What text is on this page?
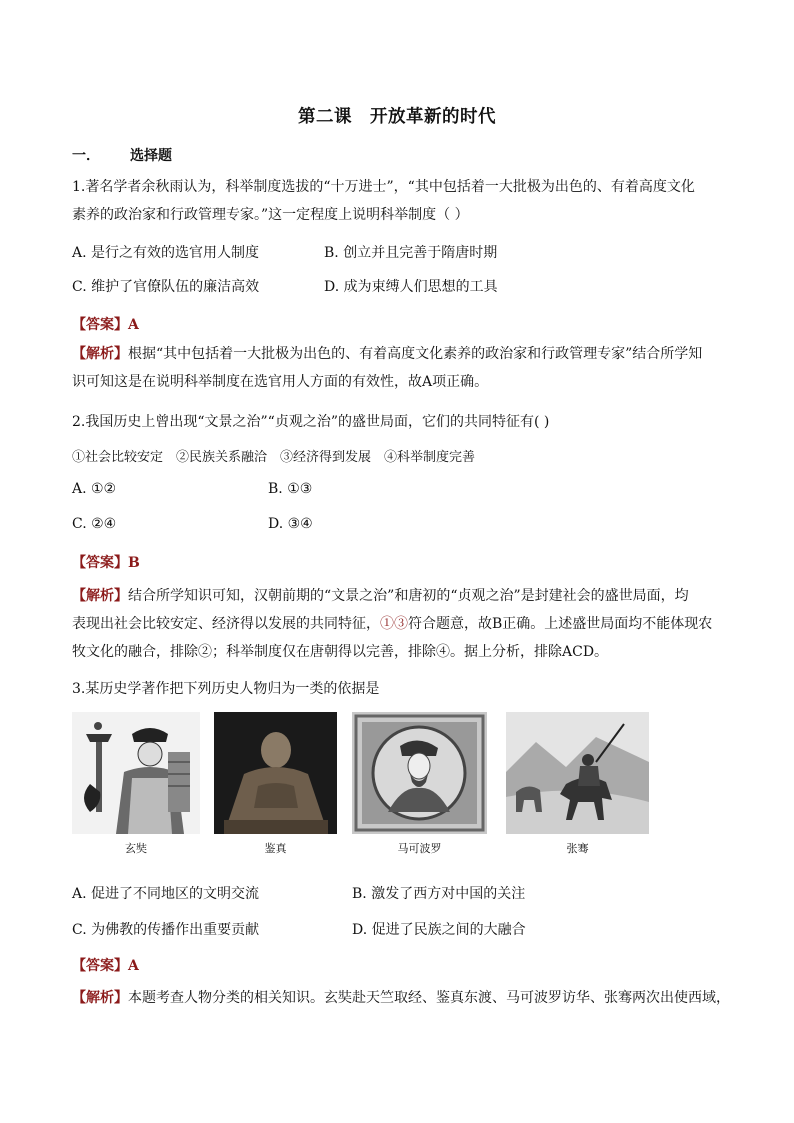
第二课　开放革新的时代
一． 选择题
1.著名学者余秋雨认为，科举制度选拔的“十万进士”，“其中包括着一大批极为出色的、有着高度文化
素养的政治家和行政管理专家。”这一定程度上说明科举制度（ ）
A. 是行之有效的选官用人制度	B. 创立并且完善于隋唐时期
C. 维护了官僚队伍的廉洁高效	D. 成为束缚人们思想的工具
【答案】A
【解析】根据“其中包括着一大批极为出色的、有着高度文化素养的政治家和行政管理专家”结合所学知
识可知这是在说明科举制度在选官用人方面的有效性，故A项正确。
2.我国历史上曾出现“文景之治”“贞观之治”的盛世局面，它们的共同特征有( )
①社会比较安定　②民族关系融洽　③经济得到发展　④科举制度完善
A. ①②	B. ①③
C. ②④	D. ③④
【答案】B
【解析】结合所学知识可知，汉朝前期的“文景之治”和唐初的“贞观之治”是封建社会的盛世局面，均
表现出社会比较安定、经济得以发展的共同特征，①③符合题意，故B正确。上述盛世局面均不能体现农
牧文化的融合，排除②；科举制度仅在唐朝得以完善，排除④。据上分析，排除ACD。
3.某历史学著作把下列历史人物归为一类的依据是
玄奘	鉴真	马可波罗	张骞
A. 促进了不同地区的文明交流	B. 激发了西方对中国的关注
C. 为佛教的传播作出重要贡献	D. 促进了民族之间的大融合
【答案】A
【解析】本题考查人物分类的相关知识。玄奘赴天竺取经、鉴真东渡、马可波罗访华、张骞两次出使西域，
